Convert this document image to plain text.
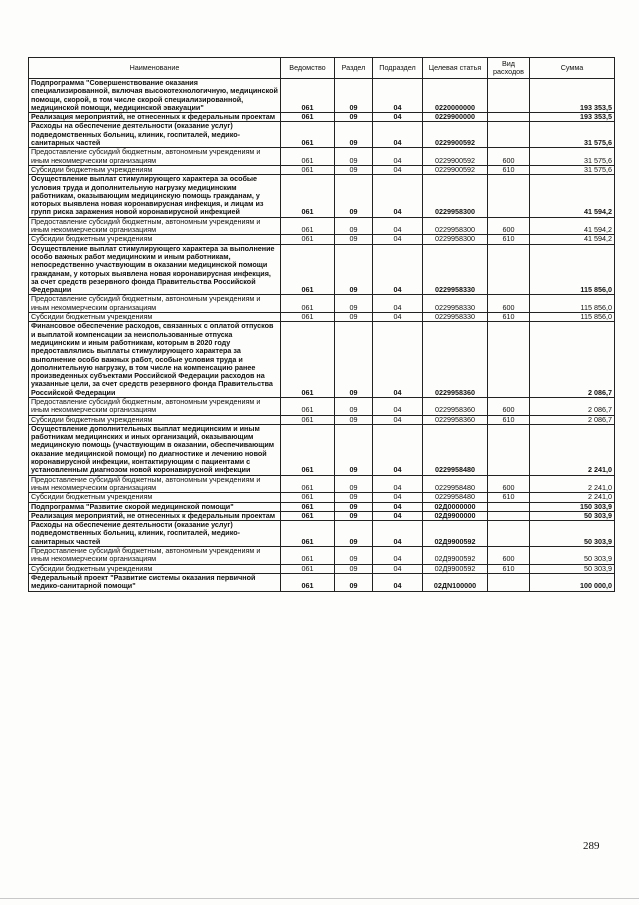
Наименование	Ведомство	Раздел	Подраздел	Целевая статья	Вид расходов	Сумма
Подпрограмма "Совершенствование оказания специализированной, включая высокотехнологичную, медицинской помощи, скорой, в том числе скорой специализированной, медицинской помощи, медицинской эвакуации"	061	09	04	0220000000		193 353,5
Реализация мероприятий, не отнесенных к федеральным проектам	061	09	04	0229900000		193 353,5
Расходы на обеспечение деятельности (оказание услуг) подведомственных больниц, клиник, госпиталей, медико-санитарных частей	061	09	04	0229900592		31 575,6
Предоставление субсидий бюджетным, автономным учреждениям и иным некоммерческим организациям	061	09	04	0229900592	600	31 575,6
Субсидии бюджетным учреждениям	061	09	04	0229900592	610	31 575,6
Осуществление выплат стимулирующего характера за особые условия труда и дополнительную нагрузку медицинским работникам, оказывающим медицинскую помощь гражданам, у которых выявлена новая коронавирусная инфекция, и лицам из групп риска заражения новой коронавирусной инфекцией	061	09	04	0229958300		41 594,2
Предоставление субсидий бюджетным, автономным учреждениям и иным некоммерческим организациям	061	09	04	0229958300	600	41 594,2
Субсидии бюджетным учреждениям	061	09	04	0229958300	610	41 594,2
Осуществление выплат стимулирующего характера за выполнение особо важных работ медицинским и иным работникам, непосредственно участвующим в оказании медицинской помощи гражданам, у которых выявлена новая коронавирусная инфекция, за счет средств резервного фонда Правительства Российской Федерации	061	09	04	0229958330		115 856,0
Предоставление субсидий бюджетным, автономным учреждениям и иным некоммерческим организациям	061	09	04	0229958330	600	115 856,0
Субсидии бюджетным учреждениям	061	09	04	0229958330	610	115 856,0
Финансовое обеспечение расходов, связанных с оплатой отпусков и выплатой компенсации за неиспользованные отпуска медицинским и иным работникам, которым в 2020 году предоставлялись выплаты стимулирующего характера за выполнение особо важных работ, особые условия труда и дополнительную нагрузку, в том числе на компенсацию ранее произведенных субъектами Российской Федерации расходов на указанные цели, за счет средств резервного фонда Правительства Российской Федерации	061	09	04	0229958360		2 086,7
Предоставление субсидий бюджетным, автономным учреждениям и иным некоммерческим организациям	061	09	04	0229958360	600	2 086,7
Субсидии бюджетным учреждениям	061	09	04	0229958360	610	2 086,7
Осуществление дополнительных выплат медицинским и иным работникам медицинских и иных организаций, оказывающим медицинскую помощь (участвующим в оказании, обеспечивающим оказание медицинской помощи) по диагностике и лечению новой коронавирусной инфекции, контактирующим с пациентами с установленным диагнозом новой коронавирусной инфекции	061	09	04	0229958480		2 241,0
Предоставление субсидий бюджетным, автономным учреждениям и иным некоммерческим организациям	061	09	04	0229958480	600	2 241,0
Субсидии бюджетным учреждениям	061	09	04	0229958480	610	2 241,0
Подпрограмма "Развитие скорой медицинской помощи"	061	09	04	02Д0000000		150 303,9
Реализация мероприятий, не отнесенных к федеральным проектам	061	09	04	02Д9900000		50 303,9
Расходы на обеспечение деятельности (оказание услуг) подведомственных больниц, клиник, госпиталей, медико-санитарных частей	061	09	04	02Д9900592		50 303,9
Предоставление субсидий бюджетным, автономным учреждениям и иным некоммерческим организациям	061	09	04	02Д9900592	600	50 303,9
Субсидии бюджетным учреждениям	061	09	04	02Д9900592	610	50 303,9
Федеральный проект "Развитие системы оказания первичной медико-санитарной помощи"	061	09	04	02ДN100000		100 000,0
289
